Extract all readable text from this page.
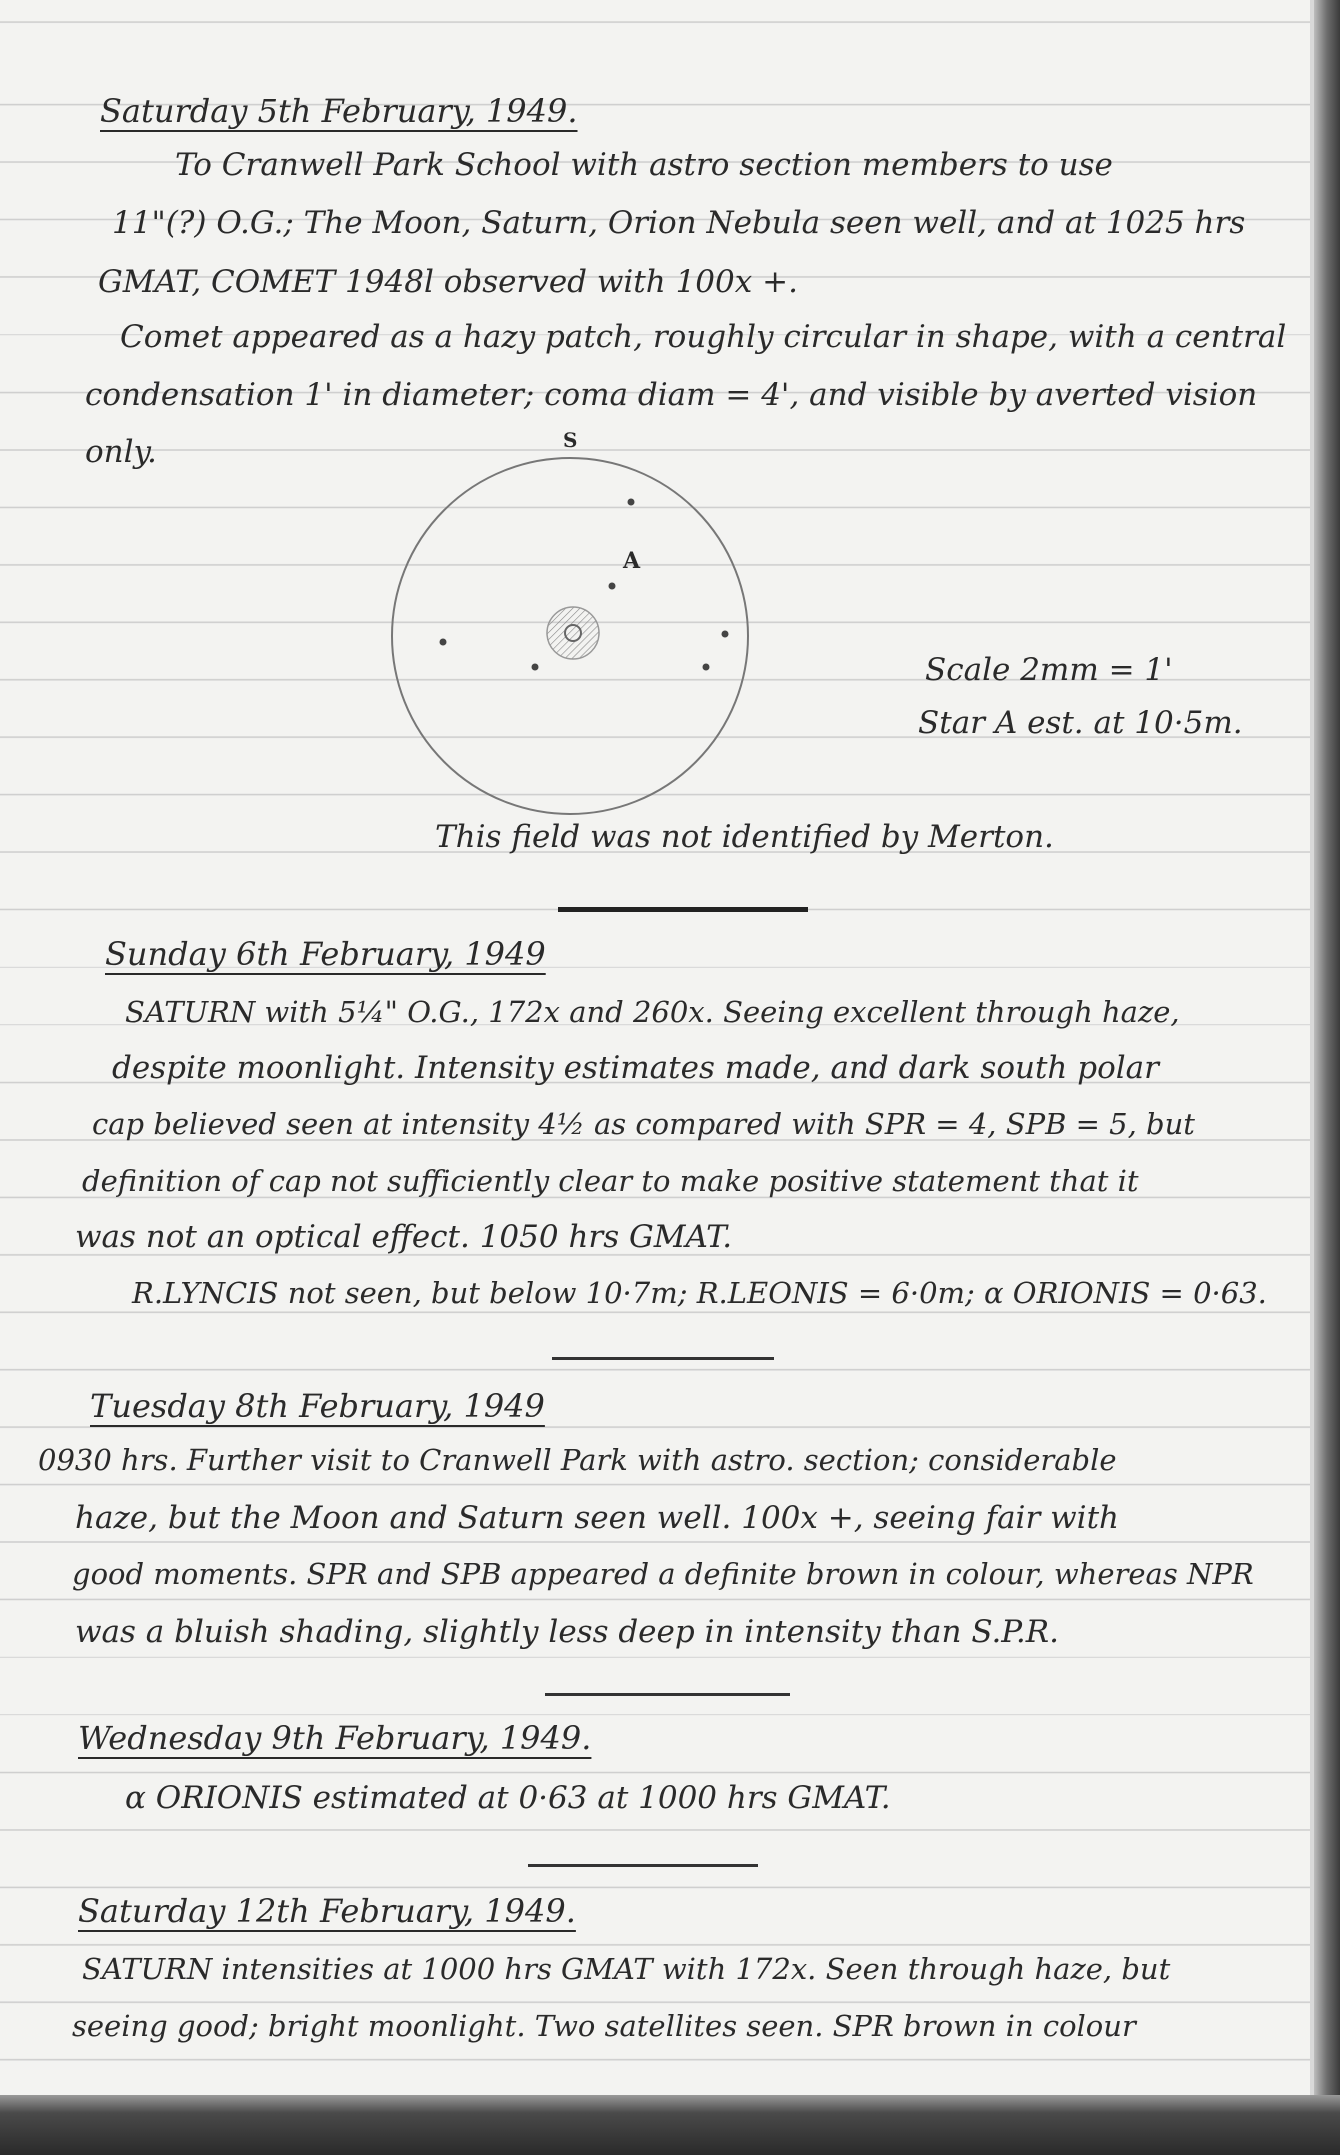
Saturday 5th February, 1949.
To Cranwell Park School with astro section members to use
11"(?) O.G.; The Moon, Saturn, Orion Nebula seen well, and at 1025 hrs
GMAT, COMET 1948l observed with 100x +.
Comet appeared as a hazy patch, roughly circular in shape, with a central
condensation 1' in diameter; coma diam = 4', and visible by averted vision
only.	S
A
Scale 2mm = 1'
Star A est. at 10·5m.
This field was not identified by Merton.
Sunday 6th February, 1949
SATURN with 5¼" O.G., 172x and 260x. Seeing excellent through haze,
despite moonlight. Intensity estimates made, and dark south polar
cap believed seen at intensity 4½ as compared with SPR = 4, SPB = 5, but
definition of cap not sufficiently clear to make positive statement that it
was not an optical effect. 1050 hrs GMAT.
R.LYNCIS not seen, but below 10·7m; R.LEONIS = 6·0m; α ORIONIS = 0·63.
Tuesday 8th February, 1949
0930 hrs. Further visit to Cranwell Park with astro. section; considerable
haze, but the Moon and Saturn seen well. 100x +, seeing fair with
good moments. SPR and SPB appeared a definite brown in colour, whereas NPR
was a bluish shading, slightly less deep in intensity than S.P.R.
Wednesday 9th February, 1949.
α ORIONIS estimated at 0·63 at 1000 hrs GMAT.
Saturday 12th February, 1949.
SATURN intensities at 1000 hrs GMAT with 172x. Seen through haze, but
seeing good; bright moonlight. Two satellites seen. SPR brown in colour
